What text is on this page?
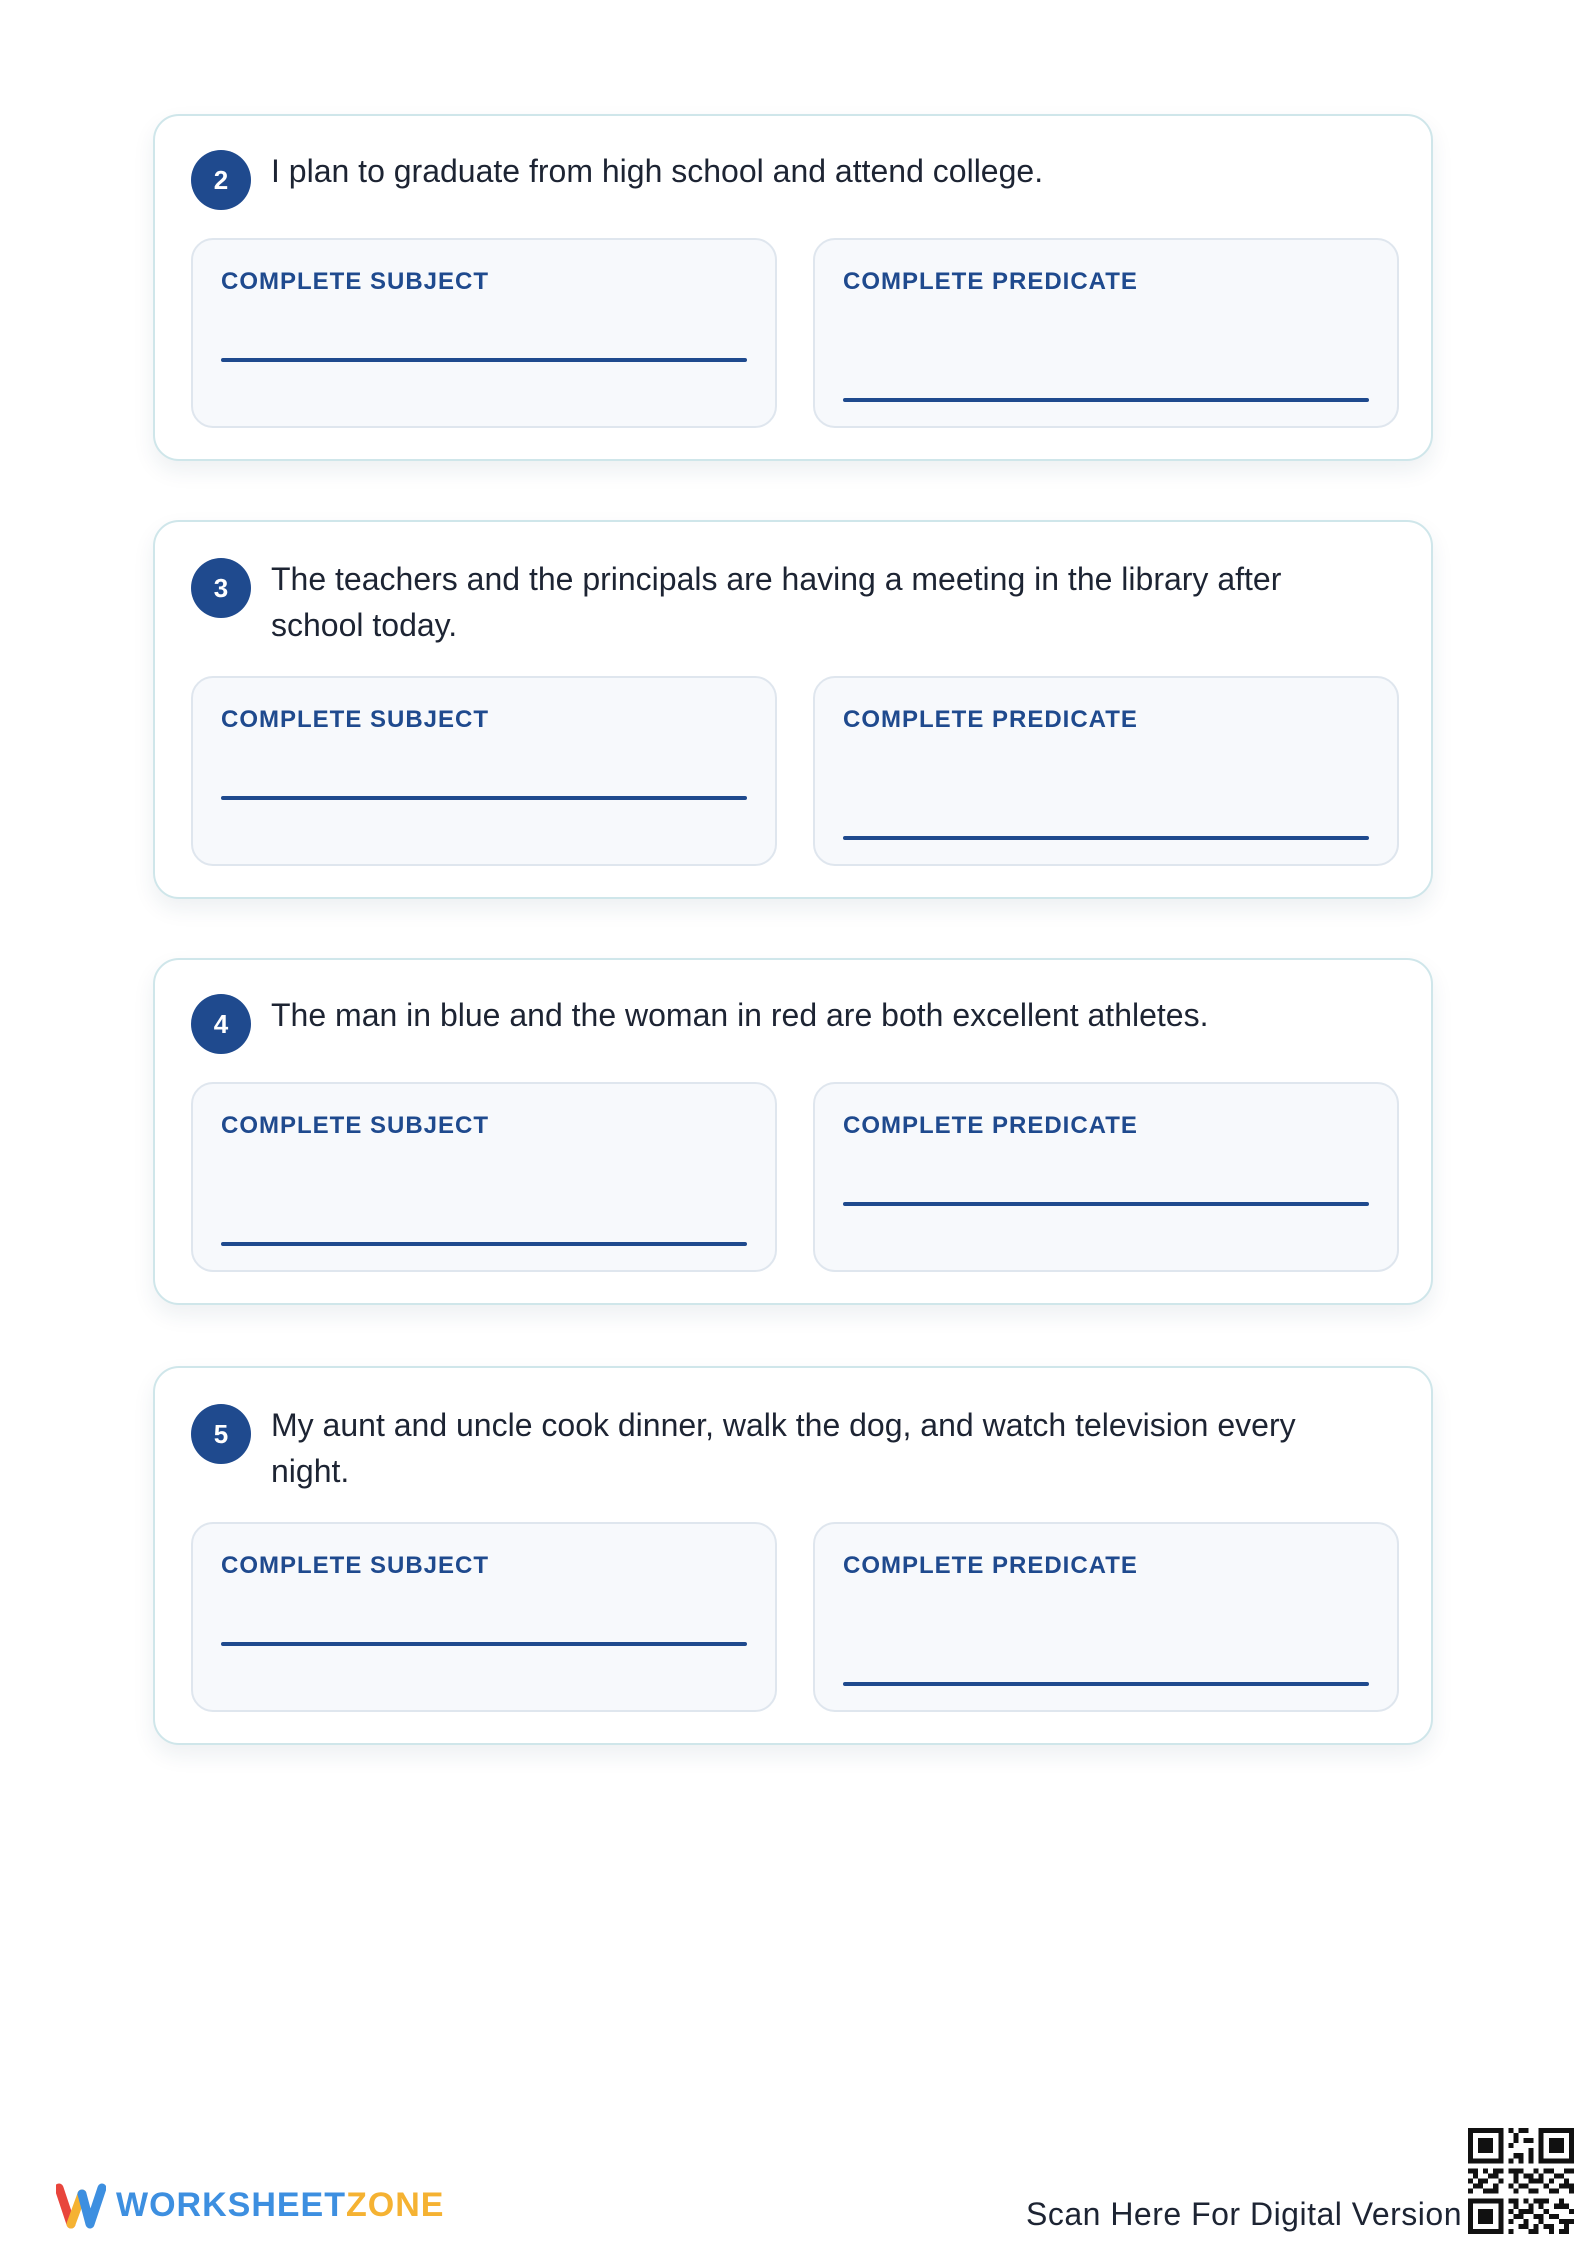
2	I plan to graduate from high school and attend college.
COMPLETE SUBJECT	COMPLETE PREDICATE
3	The teachers and the principals are having a meeting in the library after school today.
COMPLETE SUBJECT	COMPLETE PREDICATE
4	The man in blue and the woman in red are both excellent athletes.
COMPLETE SUBJECT	COMPLETE PREDICATE
5	My aunt and uncle cook dinner, walk the dog, and watch television every night.
COMPLETE SUBJECT	COMPLETE PREDICATE
WORKSHEETZONE	Scan Here For Digital Version
